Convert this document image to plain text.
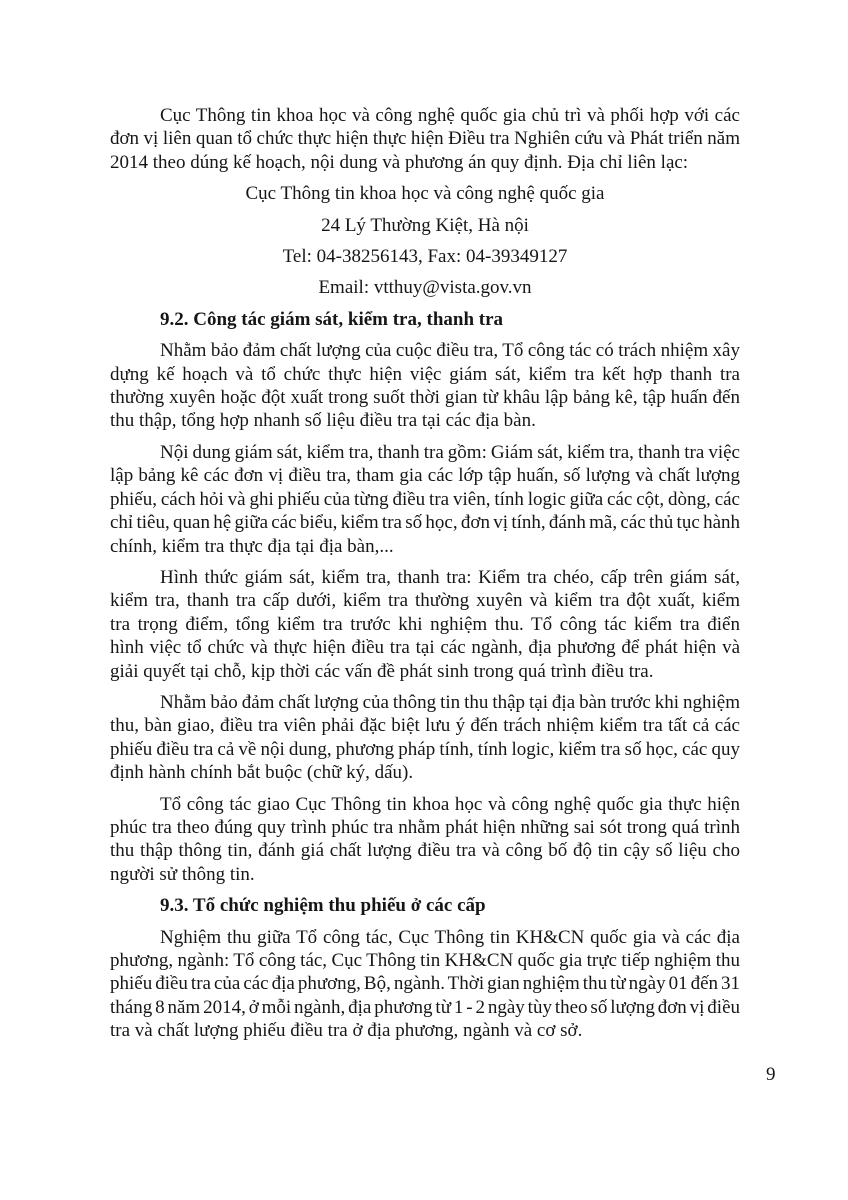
Cục Thông tin khoa học và công nghệ quốc gia chủ trì và phối hợp với các
đơn vị liên quan tổ chức thực hiện thực hiện Điều tra Nghiên cứu và Phát triển năm
2014 theo dúng kế hoạch, nội dung và phương án quy định. Địa chỉ liên lạc:
Cục Thông tin khoa học và công nghệ quốc gia
24 Lý Thường Kiệt, Hà nội
Tel: 04-38256143, Fax: 04-39349127
Email: vtthuy@vista.gov.vn
9.2. Công tác giám sát, kiểm tra, thanh tra
Nhằm bảo đảm chất lượng của cuộc điều tra, Tổ công tác có trách nhiệm xây
dựng kế hoạch và tổ chức thực hiện việc giám sát, kiểm tra kết hợp thanh tra
thường xuyên hoặc đột xuất trong suốt thời gian từ khâu lập bảng kê, tập huấn đến
thu thập, tổng hợp nhanh số liệu điều tra tại các địa bàn.
Nội dung giám sát, kiểm tra, thanh tra gồm: Giám sát, kiểm tra, thanh tra việc
lập bảng kê các đơn vị điều tra, tham gia các lớp tập huấn, số lượng và chất lượng
phiếu, cách hỏi và ghi phiếu của từng điều tra viên, tính logic giữa các cột, dòng, các
chỉ tiêu, quan hệ giữa các biểu, kiểm tra số học, đơn vị tính, đánh mã, các thủ tục hành
chính, kiểm tra thực địa tại địa bàn,...
Hình thức giám sát, kiểm tra, thanh tra: Kiểm tra chéo, cấp trên giám sát,
kiểm tra, thanh tra cấp dưới, kiểm tra thường xuyên và kiểm tra đột xuất, kiểm
tra trọng điểm, tổng kiểm tra trước khi nghiệm thu. Tổ công tác kiểm tra điển
hình việc tổ chức và thực hiện điều tra tại các ngành, địa phương để phát hiện và
giải quyết tại chỗ, kịp thời các vấn đề phát sinh trong quá trình điều tra.
Nhằm bảo đảm chất lượng của thông tin thu thập tại địa bàn trước khi nghiệm
thu, bàn giao, điều tra viên phải đặc biệt lưu ý đến trách nhiệm kiểm tra tất cả các
phiếu điều tra cả về nội dung, phương pháp tính, tính logic, kiểm tra số học, các quy
định hành chính bắt buộc (chữ ký, dấu).
Tổ công tác giao Cục Thông tin khoa học và công nghệ quốc gia thực hiện
phúc tra theo đúng quy trình phúc tra nhằm phát hiện những sai sót trong quá trình
thu thập thông tin, đánh giá chất lượng điều tra và công bố độ tin cậy số liệu cho
người sử thông tin.
9.3. Tổ chức nghiệm thu phiếu ở các cấp
Nghiệm thu giữa Tổ công tác, Cục Thông tin KH&CN quốc gia và các địa
phương, ngành: Tổ công tác, Cục Thông tin KH&CN quốc gia trực tiếp nghiệm thu
phiếu điều tra của các địa phương, Bộ, ngành. Thời gian nghiệm thu từ ngày 01 đến 31
tháng 8 năm 2014, ở mỗi ngành, địa phương từ 1 - 2 ngày tùy theo số lượng đơn vị điều
tra và chất lượng phiếu điều tra ở địa phương, ngành và cơ sở.
9
